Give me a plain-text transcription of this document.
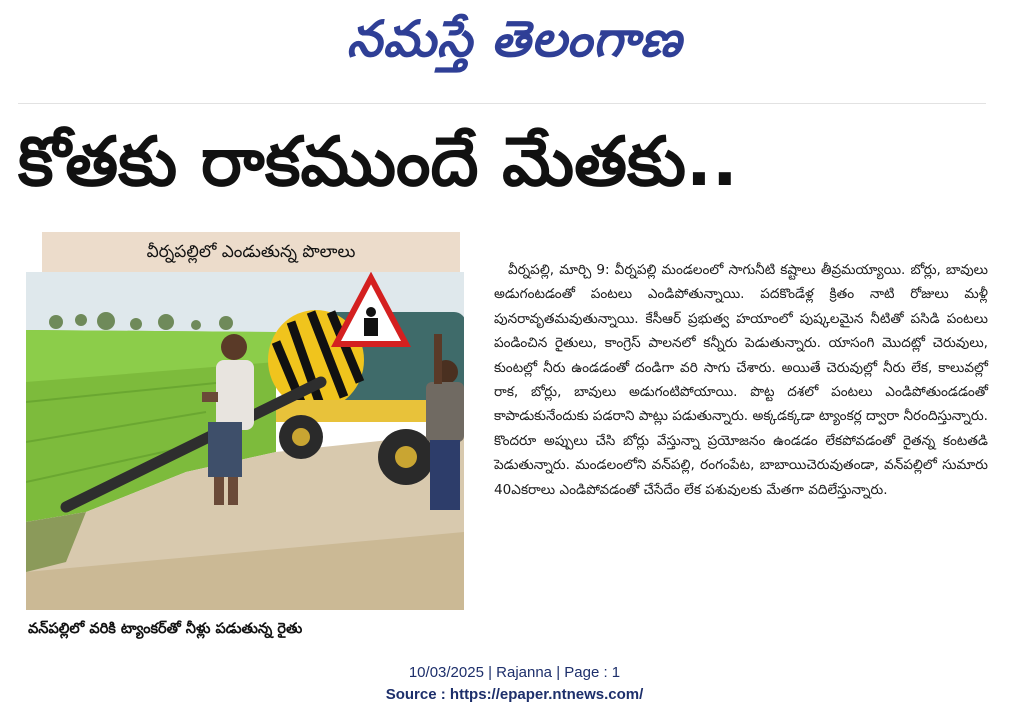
నమస్తే తెలంగాణ
కోతకు రాకముందే మేతకు..
వీర్నపల్లిలో ఎండుతున్న పొలాలు
వన్‌పల్లిలో వరికి ట్యాంకర్‌తో నీళ్లు పడుతున్న రైతు
వీర్నపల్లి, మార్చి 9: వీర్నపల్లి మండలంలో సాగునీటి కష్టాలు తీవ్రమయ్యాయి. బోర్లు, బావులు అడుగంటడంతో పంటలు ఎండిపోతున్నాయి. పదకొండేళ్ల క్రితం నాటి రోజులు మళ్లీ పునరావృతమవుతున్నాయి. కేసీఆర్ ప్రభుత్వ హయాంలో పుష్కలమైన నీటితో పసిడి పంటలు పండించిన రైతులు, కాంగ్రెస్ పాలనలో కన్నీరు పెడుతున్నారు. యాసంగి మొదట్లో చెరువులు, కుంటల్లో నీరు ఉండడంతో దండిగా వరి సాగు చేశారు. అయితే చెరువుల్లో నీరు లేక, కాలువల్లో రాక, బోర్లు, బావులు అడుగంటిపోయాయి. పొట్ట దశలో పంటలు ఎండిపోతుండడంతో కాపాడుకునేందుకు పడరాని పాట్లు పడుతున్నారు. అక్కడక్కడా ట్యాంకర్ల ద్వారా నీరందిస్తున్నారు. కొందరూ అప్పులు చేసి బోర్లు వేస్తున్నా ప్రయోజనం ఉండడం లేకపోవడంతో రైతన్న కంటతడి పెడుతున్నారు. మండలంలోని వన్‌పల్లి, రంగంపేట, బాబాయిచెరువుతండా, వన్‌పల్లిలో సుమారు 40ఎకరాలు ఎండిపోవడంతో చేసేదేం లేక పశువులకు మేతగా వదిలేస్తున్నారు.
10/03/2025 | Rajanna | Page : 1
Source : https://epaper.ntnews.com/
